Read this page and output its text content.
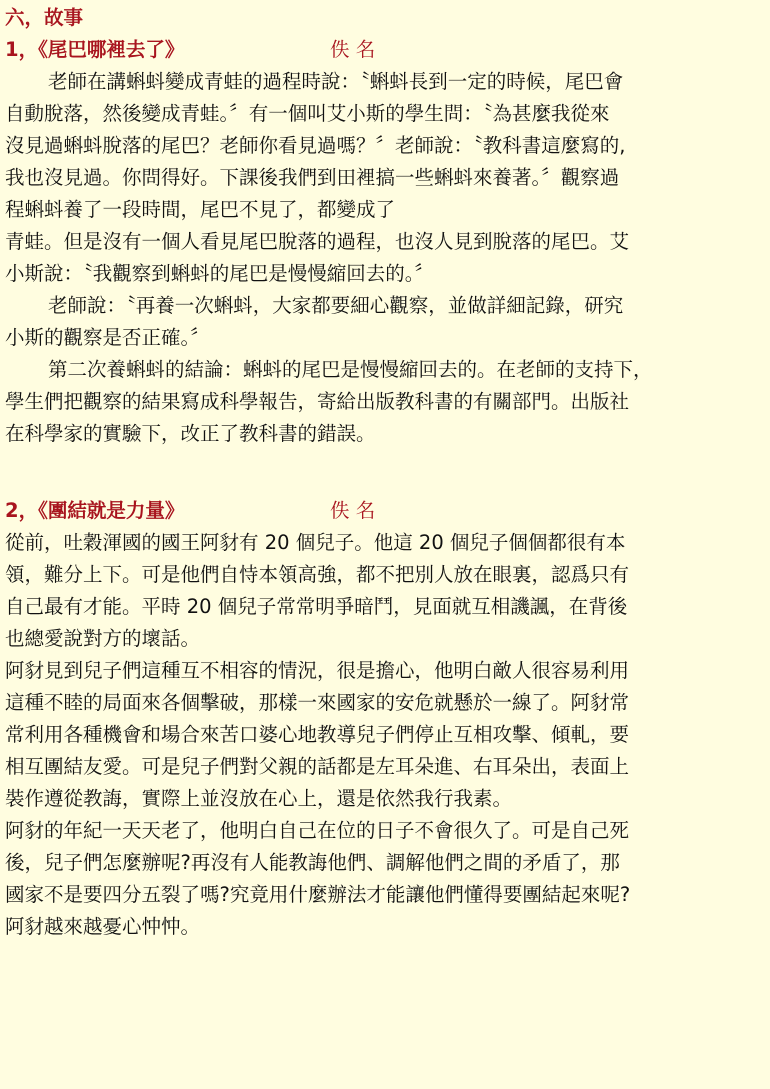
六，故事
1，《尾巴哪裡去了》	佚 名
老師在講蝌蚪變成青蛙的過程時說：〝蝌蚪長到一定的時候，尾巴會
自動脫落，然後變成青蛙。〞有一個叫艾小斯的學生問：〝為甚麼我從來
沒見過蝌蚪脫落的尾巴？老師你看見過嗎？〞老師說：〝教科書這麼寫的,
我也沒見過。你問得好。下課後我們到田裡搞一些蝌蚪來養著。〞觀察過
程蝌蚪養了一段時間，尾巴不見了，都變成了
青蛙。但是沒有一個人看見尾巴脫落的過程，也沒人見到脫落的尾巴。艾
小斯說：〝我觀察到蝌蚪的尾巴是慢慢縮回去的。〞
老師說：〝再養一次蝌蚪，大家都要細心觀察，並做詳細記錄，研究
小斯的觀察是否正確。〞
第二次養蝌蚪的結論：蝌蚪的尾巴是慢慢縮回去的。在老師的支持下，
學生們把觀察的結果寫成科學報告，寄給出版教科書的有關部門。出版社
在科學家的實驗下，改正了教科書的錯誤。
2，《團結就是力量》	佚 名
從前，吐穀渾國的國王阿豺有 20 個兒子。他這 20 個兒子個個都很有本
領，難分上下。可是他們自恃本領高強，都不把別人放在眼裏，認爲只有
自己最有才能。平時 20 個兒子常常明爭暗鬥，見面就互相譏諷，在背後
也總愛說對方的壞話。
阿豺見到兒子們這種互不相容的情況，很是擔心，他明白敵人很容易利用
這種不睦的局面來各個擊破，那樣一來國家的安危就懸於一線了。阿豺常
常利用各種機會和場合來苦口婆心地教導兒子們停止互相攻擊、傾軋，要
相互團結友愛。可是兒子們對父親的話都是左耳朵進、右耳朵出，表面上
裝作遵從教誨，實際上並沒放在心上，還是依然我行我素。
阿豺的年紀一天天老了，他明白自己在位的日子不會很久了。可是自己死
後，兒子們怎麼辦呢?再沒有人能教誨他們、調解他們之間的矛盾了，那
國家不是要四分五裂了嗎?究竟用什麼辦法才能讓他們懂得要團結起來呢?
阿豺越來越憂心忡忡。
